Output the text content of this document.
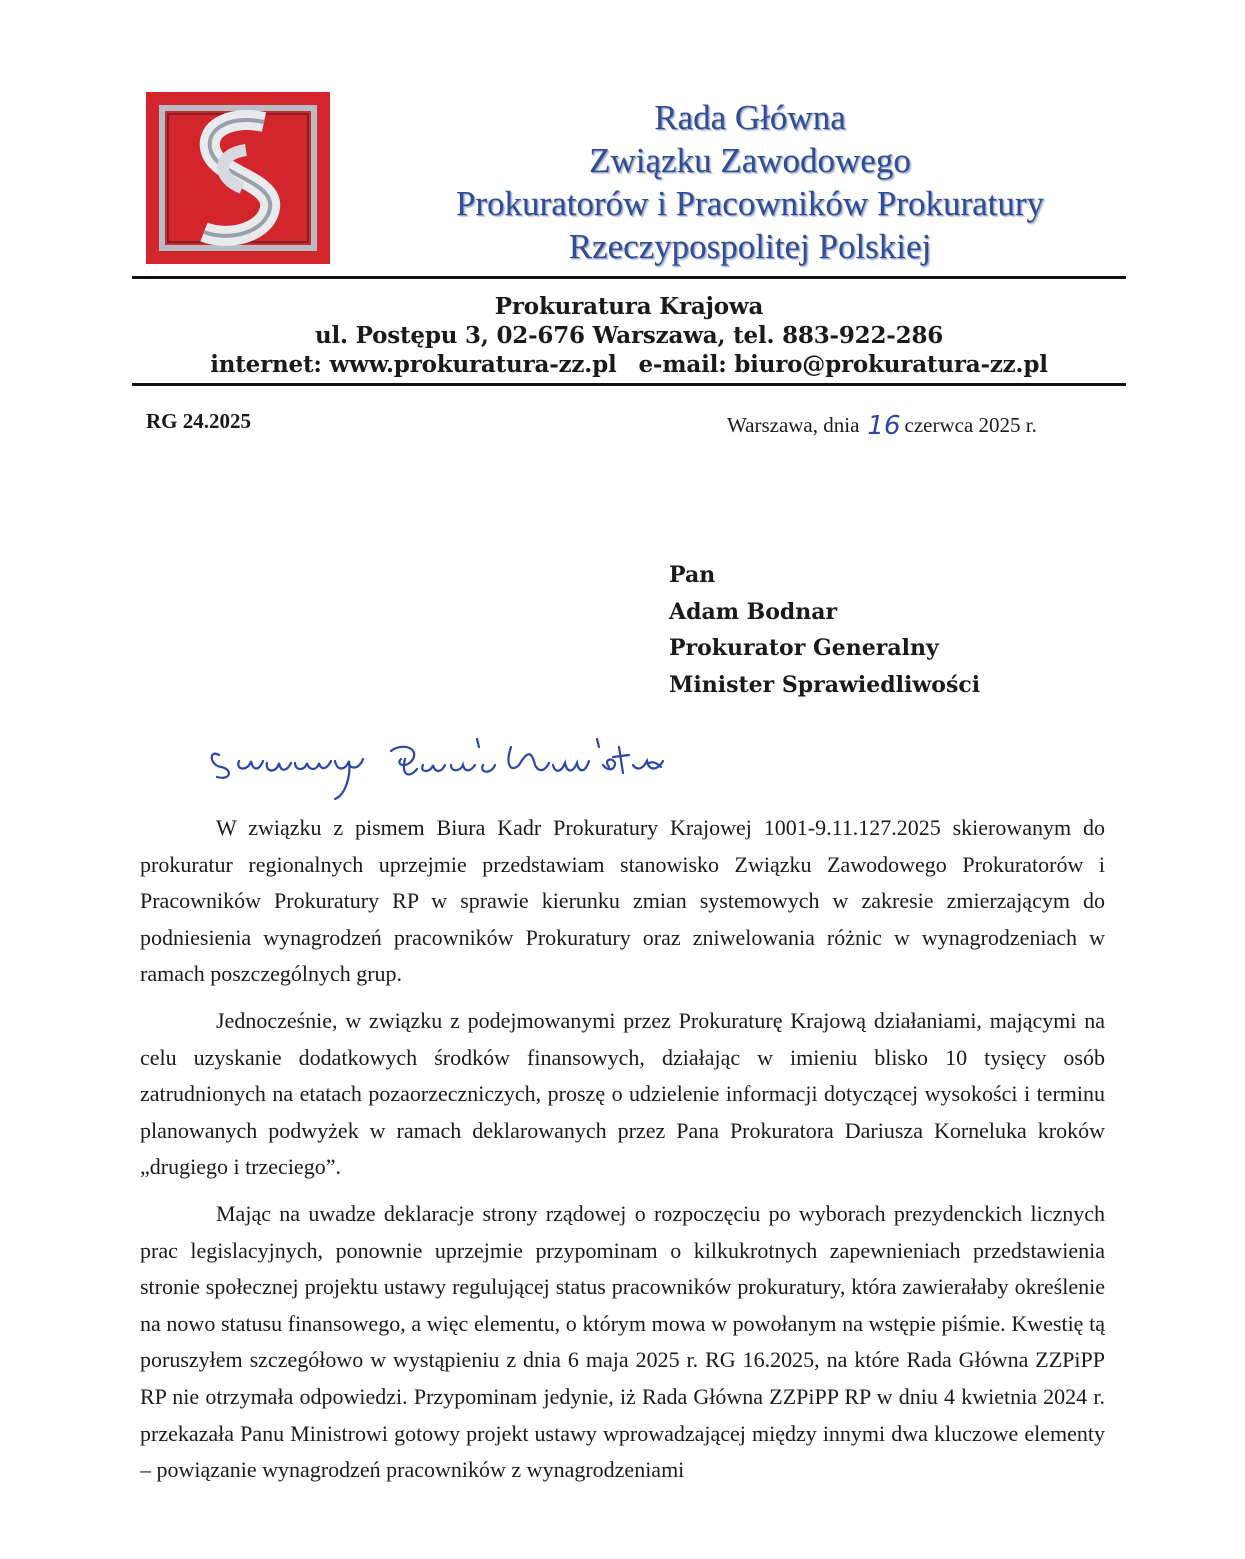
Rada Główna
Związku Zawodowego
Prokuratorów i Pracowników Prokuratury
Rzeczypospolitej Polskiej
Prokuratura Krajowa
ul. Postępu 3, 02-676 Warszawa, tel. 883-922-286
internet: www.prokuratura-zz.pl e-mail: biuro@prokuratura-zz.pl
RG 24.2025	Warszawa, dnia 16 czerwca 2025 r.
Pan
Adam Bodnar
Prokurator Generalny
Minister Sprawiedliwości

W związku z pismem Biura Kadr Prokuratury Krajowej 1001-9.11.127.2025 skierowanym do prokuratur regionalnych uprzejmie przedstawiam stanowisko Związku Zawodowego Prokuratorów i Pracowników Prokuratury RP w sprawie kierunku zmian systemowych w zakresie zmierzającym do podniesienia wynagrodzeń pracowników Prokuratury oraz zniwelowania różnic w wynagrodzeniach w ramach poszczególnych grup.

Jednocześnie, w związku z podejmowanymi przez Prokuraturę Krajową działaniami, mającymi na celu uzyskanie dodatkowych środków finansowych, działając w imieniu blisko 10 tysięcy osób zatrudnionych na etatach pozaorzeczniczych, proszę o udzielenie informacji dotyczącej wysokości i terminu planowanych podwyżek w ramach deklarowanych przez Pana Prokuratora Dariusza Korneluka kroków „drugiego i trzeciego”.

Mając na uwadze deklaracje strony rządowej o rozpoczęciu po wyborach prezydenckich licznych prac legislacyjnych, ponownie uprzejmie przypominam o kilkukrotnych zapewnieniach przedstawienia stronie społecznej projektu ustawy regulującej status pracowników prokuratury, która zawierałaby określenie na nowo statusu finansowego, a więc elementu, o którym mowa w powołanym na wstępie piśmie. Kwestię tą poruszyłem szczegółowo w wystąpieniu z dnia 6 maja 2025 r. RG 16.2025, na które Rada Główna ZZPiPP RP nie otrzymała odpowiedzi. Przypominam jedynie, iż Rada Główna ZZPiPP RP w dniu 4 kwietnia 2024 r. przekazała Panu Ministrowi gotowy projekt ustawy wprowadzającej między innymi dwa kluczowe elementy – powiązanie wynagrodzeń pracowników z wynagrodzeniami
